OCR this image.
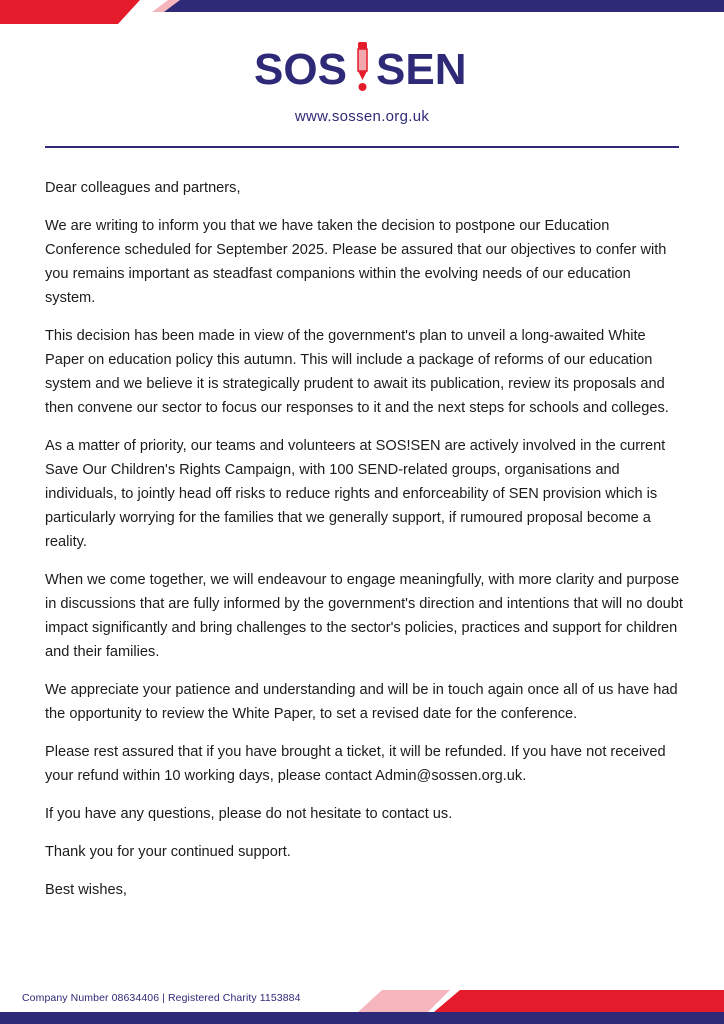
SOS SEN
www.sossen.org.uk

Dear colleagues and partners,

We are writing to inform you that we have taken the decision to postpone our Education Conference scheduled for September 2025. Please be assured that our objectives to confer with you remains important as steadfast companions within the evolving needs of our education system.

This decision has been made in view of the government's plan to unveil a long-awaited White Paper on education policy this autumn. This will include a package of reforms of our education system and we believe it is strategically prudent to await its publication, review its proposals and then convene our sector to focus our responses to it and the next steps for schools and colleges.

As a matter of priority, our teams and volunteers at SOS!SEN are actively involved in the current Save Our Children's Rights Campaign, with 100 SEND-related groups, organisations and individuals, to jointly head off risks to reduce rights and enforceability of SEN provision which is particularly worrying for the families that we generally support, if rumoured proposal become a reality.

When we come together, we will endeavour to engage meaningfully, with more clarity and purpose in discussions that are fully informed by the government's direction and intentions that will no doubt impact significantly and bring challenges to the sector's policies, practices and support for children and their families.

We appreciate your patience and understanding and will be in touch again once all of us have had the opportunity to review the White Paper, to set a revised date for the conference.

Please rest assured that if you have brought a ticket, it will be refunded. If you have not received your refund within 10 working days, please contact Admin@sossen.org.uk.

If you have any questions, please do not hesitate to contact us.

Thank you for your continued support.

Best wishes,

Company Number 08634406 | Registered Charity 1153884
